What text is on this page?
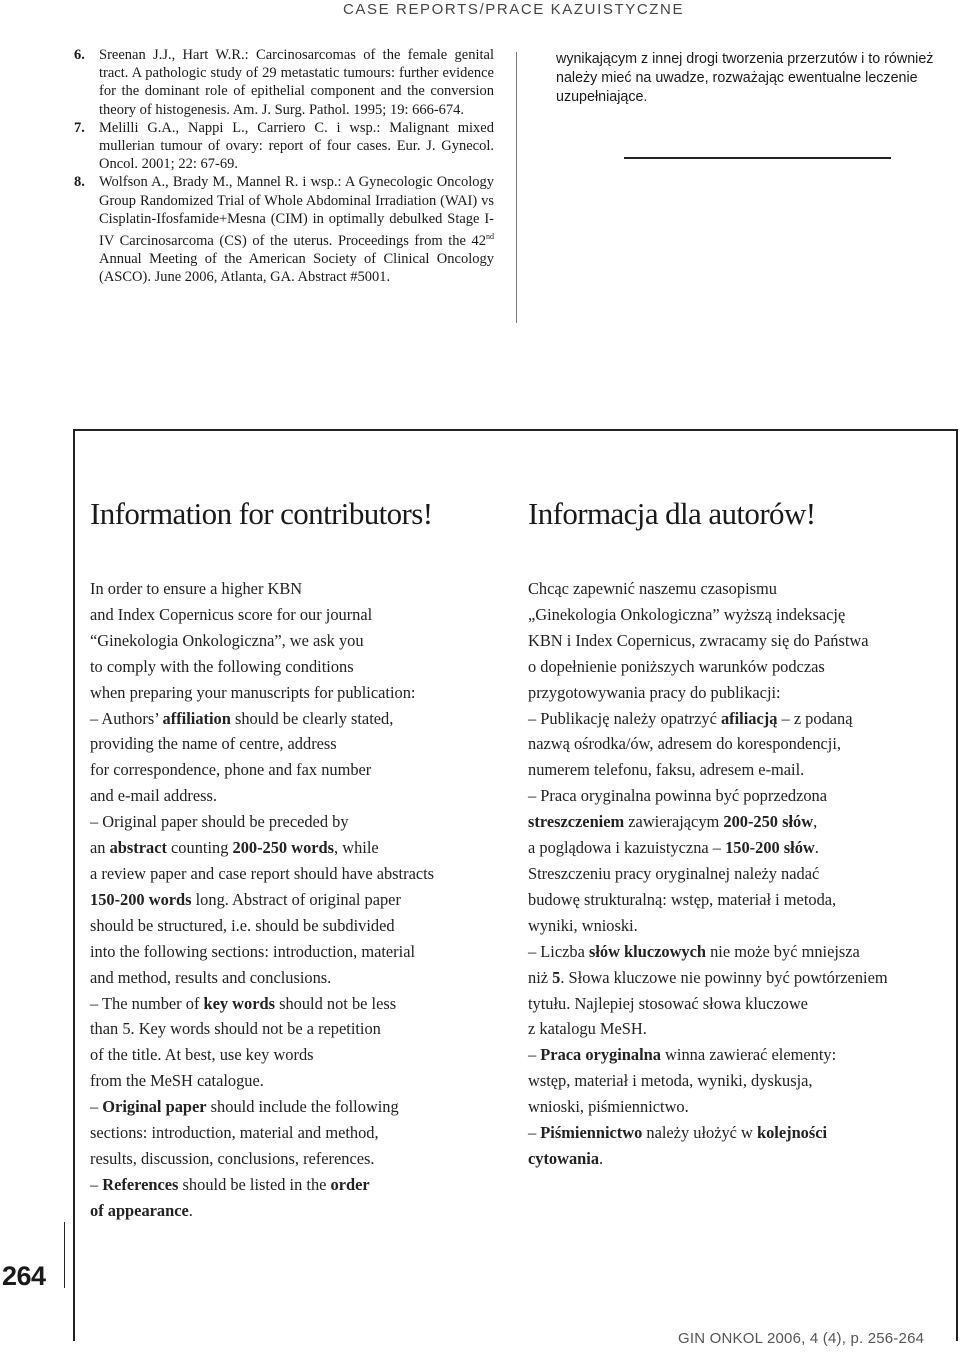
CASE REPORTS/PRACE KAZUISTYCZNE
6. Sreenan J.J., Hart W.R.: Carcinosarcomas of the female genital tract. A pathologic study of 29 metastatic tumours: further evidence for the dominant role of epithelial component and the conversion theory of histogenesis. Am. J. Surg. Pathol. 1995; 19: 666-674.
7. Melilli G.A., Nappi L., Carriero C. i wsp.: Malignant mixed mullerian tumour of ovary: report of four cases. Eur. J. Gynecol. Oncol. 2001; 22: 67-69.
8. Wolfson A., Brady M., Mannel R. i wsp.: A Gynecologic Oncology Group Randomized Trial of Whole Abdominal Irradiation (WAI) vs Cisplatin-Ifosfamide+Mesna (CIM) in optimally debulked Stage I-IV Carcinosarcoma (CS) of the uterus. Proceedings from the 42nd Annual Meeting of the American Society of Clinical Oncology (ASCO). June 2006, Atlanta, GA. Abstract #5001.
wynikającym z innej drogi tworzenia przerzutów i to również należy mieć na uwadze, rozważając ewentualne leczenie uzupełniające.
Information for contributors!	Informacja dla autorów!
In order to ensure a higher KBN
and Index Copernicus score for our journal
“Ginekologia Onkologiczna”, we ask you
to comply with the following conditions
when preparing your manuscripts for publication:
– Authors’ affiliation should be clearly stated,
providing the name of centre, address
for correspondence, phone and fax number
and e-mail address.
– Original paper should be preceded by
an abstract counting 200-250 words, while
a review paper and case report should have abstracts
150-200 words long. Abstract of original paper
should be structured, i.e. should be subdivided
into the following sections: introduction, material
and method, results and conclusions.
– The number of key words should not be less
than 5. Key words should not be a repetition
of the title. At best, use key words
from the MeSH catalogue.
– Original paper should include the following
sections: introduction, material and method,
results, discussion, conclusions, references.
– References should be listed in the order
of appearance.
Chcąc zapewnić naszemu czasopismu
„Ginekologia Onkologiczna” wyższą indeksację
KBN i Index Copernicus, zwracamy się do Państwa
o dopełnienie poniższych warunków podczas
przygotowywania pracy do publikacji:
– Publikację należy opatrzyć afiliacją – z podaną
nazwą ośrodka/ów, adresem do korespondencji,
numerem telefonu, faksu, adresem e-mail.
– Praca oryginalna powinna być poprzedzona
streszczeniem zawierającym 200-250 słów,
a poglądowa i kazuistyczna – 150-200 słów.
Streszczeniu pracy oryginalnej należy nadać
budowę strukturalną: wstęp, materiał i metoda,
wyniki, wnioski.
– Liczba słów kluczowych nie może być mniejsza
niż 5. Słowa kluczowe nie powinny być powtórzeniem
tytułu. Najlepiej stosować słowa kluczowe
z katalogu MeSH.
– Praca oryginalna winna zawierać elementy:
wstęp, materiał i metoda, wyniki, dyskusja,
wnioski, piśmiennictwo.
– Piśmiennictwo należy ułożyć w kolejności
cytowania.
264
GIN ONKOL 2006, 4 (4), p. 256-264
